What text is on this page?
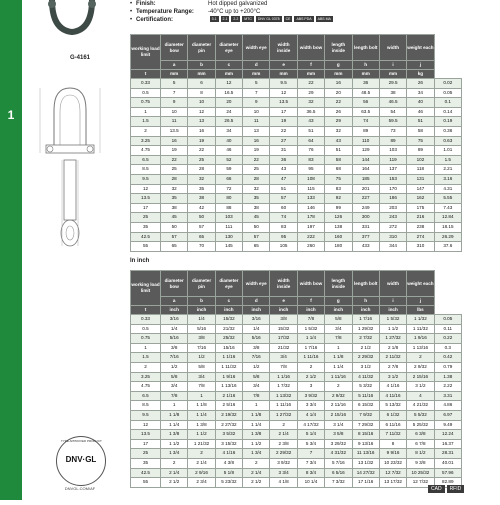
1
G-4161
• Finish:	Hot dipped galvanized
• Temperature Range: -40°C up to +200°C
• Certification:	3.1	2.1	2.2	MTC	DNV GL 0378	CE	ABS PDA	ABS MA
working load limit	diameter bow	diameter pin	diameter eye	width eye	width inside	width bow	length inside	length bolt	width	weight each	
	a	b	c	d	e	f	g	h	i	j	
t	mm	mm	mm	mm	mm	mm	mm	mm	mm	kg	
0.33	5	6	12	5	9.5	22	16	36	29.5	26	0.02
0.5	7	8	16.5	7	12	29	20	48.5	38	34	0.05
0.75	9	10	20	9	13.5	32	22	56	46.5	40	0.1
1	10	12	24	10	17	36.5	26	63.5	54	46	0.14
1.5	11	13	26.5	11	19	43	29	74	59.5	51	0.19
2	13.5	16	34	13	22	51	32	89	73	58	0.36
3.25	16	19	40	16	27	64	43	110	89	75	0.63
4.75	19	22	46	19	31	76	51	129	103	89	1.01
6.5	22	25	52	22	36	83	58	144	119	102	1.5
8.5	25	28	59	25	43	95	68	164	137	118	2.21
9.5	28	32	66	28	47	108	75	185	153	131	3.16
12	32	35	72	32	51	115	83	201	170	147	4.31
13.5	35	38	80	35	57	133	92	227	186	162	5.55
17	38	42	88	38	60	146	99	249	203	175	7.43
25	45	50	103	45	74	178	126	300	243	216	12.84
35	50	57	111	50	83	197	138	331	272	238	18.15
42.5	57	65	130	57	95	222	160	377	310	274	26.29
55	65	70	145	65	105	260	180	433	344	310	37.6
In inch
working load limit	diameter bow	diameter pin	diameter eye	width eye	width inside	width bow	length inside	length bolt	width	weight each	
	a	b	c	d	e	f	g	h	i	j	
t	inch	inch	inch	inch	inch	inch	inch	inch	inch	lbs	
0.33	3/16	1/4	15/32	3/16	3/8	7/8	5/8	1 7/16	1 5/32	1 1/32	0.05
0.5	1/4	5/16	21/32	1/4	15/32	1 5/32	3/4	1 29/32	1 1/2	1 11/32	0.11
0.75	5/16	3/8	25/32	5/16	17/32	1 1/4	7/8	2 7/32	1 27/32	1 9/16	0.22
1	3/8	7/16	15/16	3/8	21/32	1 7/16	1	2 1/2	2 1/8	1 13/16	0.3
1.5	7/16	1/2	1 1/16	7/16	3/4	1 11/16	1 1/8	2 29/32	2 11/32	2	0.42
2	1/2	5/8	1 11/32	1/2	7/8	2	1 1/4	3 1/2	2 7/8	2 9/32	0.79
3.25	5/8	3/4	1 9/16	5/8	1 1/16	2 1/2	1 11/16	4 11/32	3 1/2	2 15/16	1.38
4.75	3/4	7/8	1 13/16	3/4	1 7/32	3	2	5 3/32	4 1/16	3 1/2	2.22
6.5	7/8	1	2 1/16	7/8	1 13/32	3 9/32	2 9/32	5 11/16	4 11/16	4	3.31
8.5	1	1 1/8	2 5/16	1	1 11/16	3 3/4	2 11/16	6 15/32	5 13/32	4 21/32	4.86
9.5	1 1/8	1 1/4	2 19/32	1 1/8	1 27/32	4 1/4	2 15/16	7 9/32	6 1/32	5 5/32	6.97
12	1 1/4	1 3/8	2 27/32	1 1/4	2	4 17/32	3 1/4	7 29/32	6 11/16	5 25/32	9.49
13.5	1 3/8	1 1/2	3 5/32	1 3/8	2 1/4	5 1/4	3 5/8	8 15/16	7 11/32	6 3/8	12.24
17	1 1/2	1 21/32	3 15/32	1 1/2	2 3/8	5 3/4	3 29/32	9 13/16	8	6 7/8	16.37
25	1 3/4	2	4 1/16	1 3/4	2 29/32	7	4 31/32	11 13/16	9 9/16	8 1/2	28.31
35	2	2 1/4	4 3/8	2	3 9/32	7 3/4	5 7/16	13 1/32	10 23/32	9 3/8	40.01
42.5	2 1/4	2 9/16	5 1/8	2 1/4	3 3/4	8 3/4	6 5/16	14 27/32	12 7/32	10 25/32	57.96
55	2 1/2	2 3/4	5 23/32	2 1/2	4 1/8	10 1/4	7 3/32	17 1/16	13 17/32	12 7/32	82.89
TYPE APPROVED PRODUCT
DNV·GL
DNVGL.COM/AF	CAD	RFID
